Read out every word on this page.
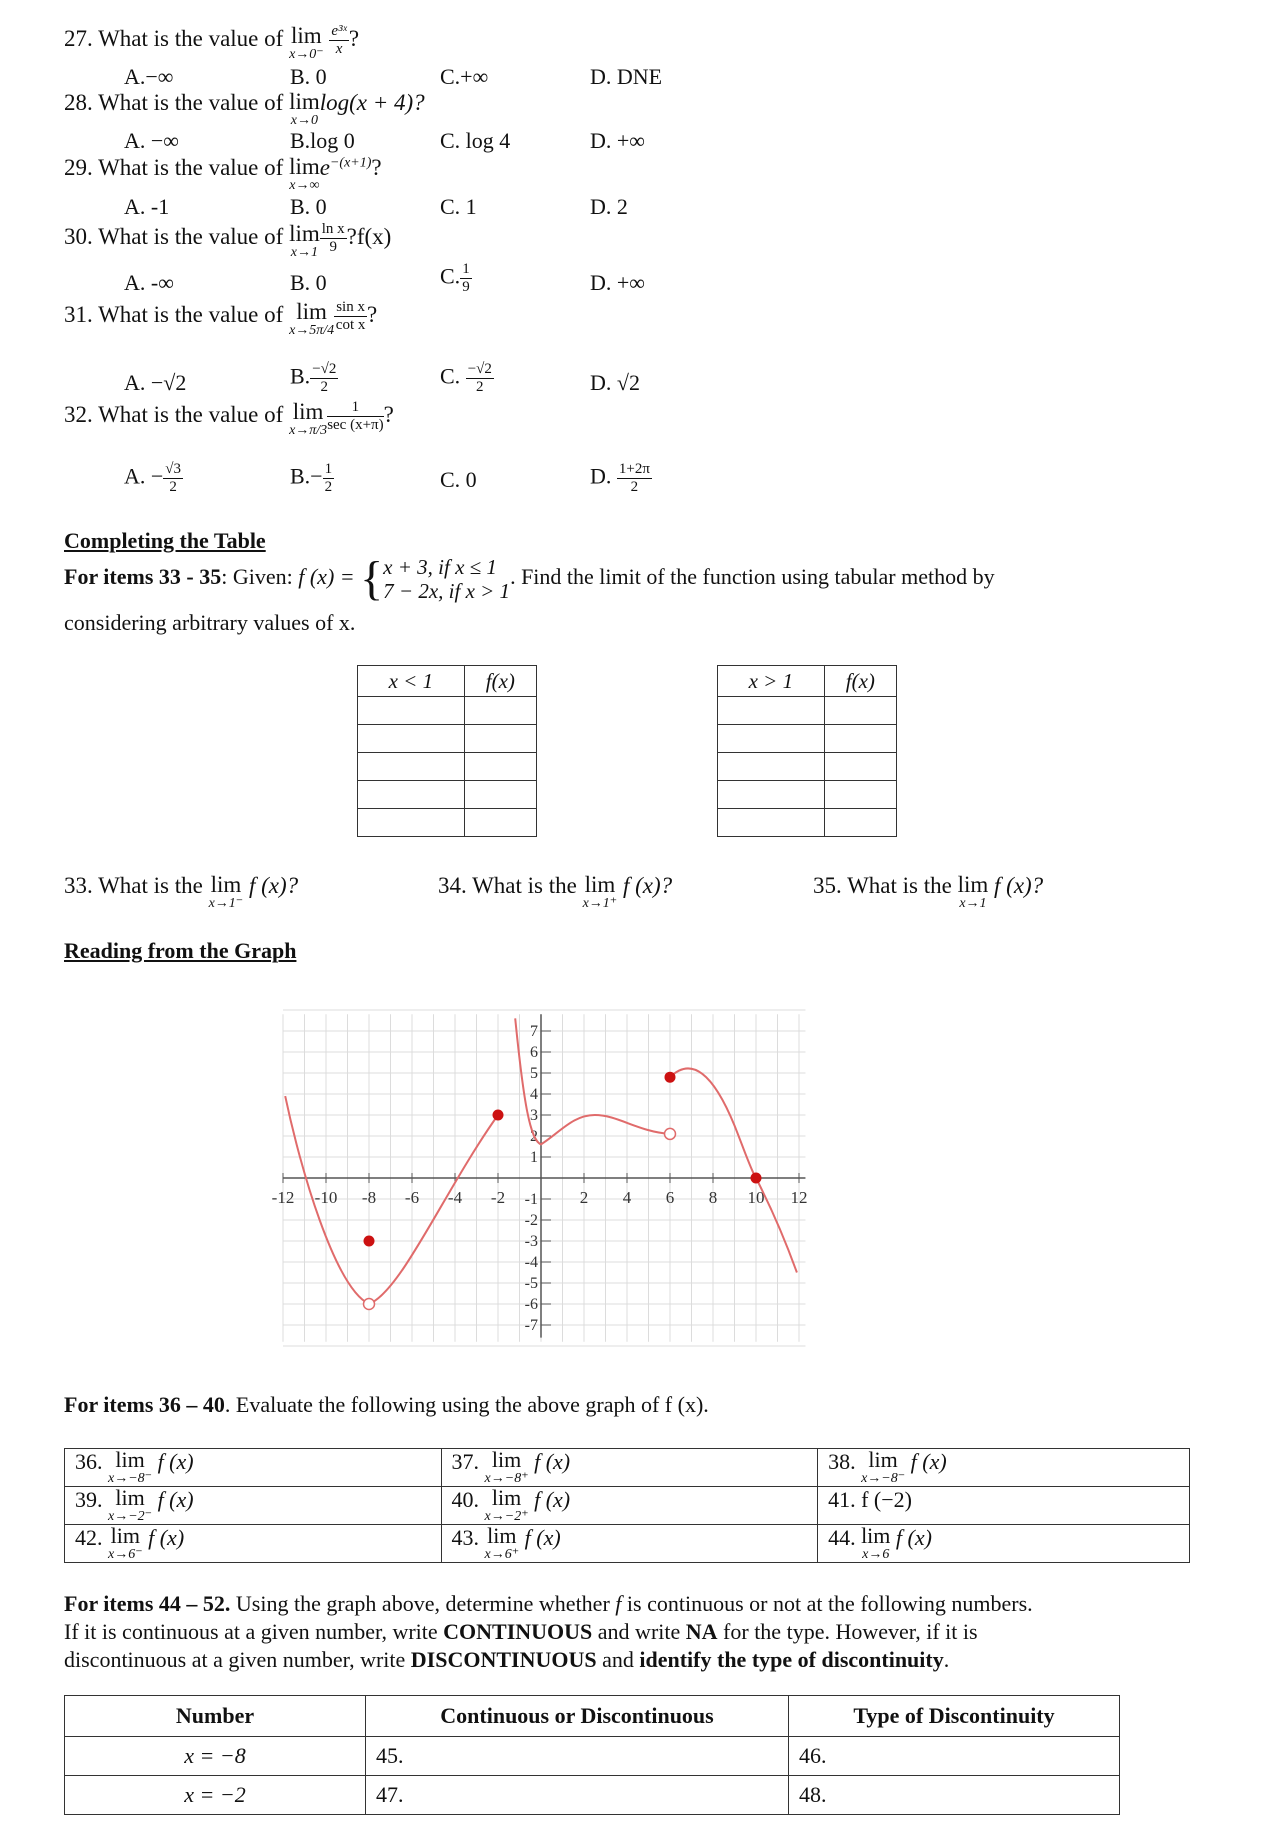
27. What is the value of lim
x→0⁻
$\frac{\text{e³ˣ}}{x}$ ?
A.−∞	B. 0	C.+∞	D. DNE
28. What is the value of lim
x→0
log(x + 4)?
A. −∞	B.log 0	C. log 4	D. +∞
29. What is the value of lim
x→∞
$e^{-(x+1)}$?
A. -1	B. 0	C. 1	D. 2
30. What is the value of lim
$x\to 1 \frac{\text{ln x}}{9}$ ?f(x)
A. -∞	B. 0	C. $\frac{1}{9}$	D. +∞
31. What is the value of lim
$x\to 5\pi/4 \frac{\text{sin x}}{\text{cot x}}$ ?
A. −√2	B. $\frac{-√2}{2}$	C. $\frac{-√2}{2}$	D. √2
32. What is the value of lim
$x\to\pi/3 \frac{1}{\sec (x+\pi)}$ ?
A. − $\frac{√3}{2}$	$B.- \frac{1}{2}$	C. 0	D. $\frac{1+2\pi}{2}$
Completing the Table
For items 33 - 35: Given: f (x) = { x + 3, if x ≤ 1
7 − 2x, if x > 1
. Find the limit of the function using tabular method by
considering arbitrary values of x.
x < 1	f(x)

		x > 1	f(x)

33. What is the lim
x→1⁻
f (x)?	34. What is the lim
x→1⁺
f (x)?	35. What is the lim
x→1
f (x)?
Reading from the Graph
-12 -10 -8 -6 -4 -2	2 4 6 8 10 12
7
6
5
4
3
2
1
-1
-2
-3
-4
-5
-6
-7
For items 36 – 40. Evaluate the following using the above graph of f (x).
36. lim
x→−8⁻
f (x)	37. lim
x→−8⁺
f (x)	38. lim
x→−8⁻
f (x)
39. lim
x→−2⁻
f (x)	40. lim
x→−2⁺
f (x)	41. f (−2)
42. lim
x→6⁻
f (x)	43. lim
x→6⁺
f (x)	44. lim
x→6
f (x)
For items 44 – 52. Using the graph above, determine whether f is continuous or not at the following numbers.
If it is continuous at a given number, write CONTINUOUS and write NA for the type. However, if it is
discontinuous at a given number, write DISCONTINUOUS and identify the type of discontinuity.
Number	Continuous or Discontinuous	Type of Discontinuity
x = −8	45.	46.
x = −2	47.	48.
